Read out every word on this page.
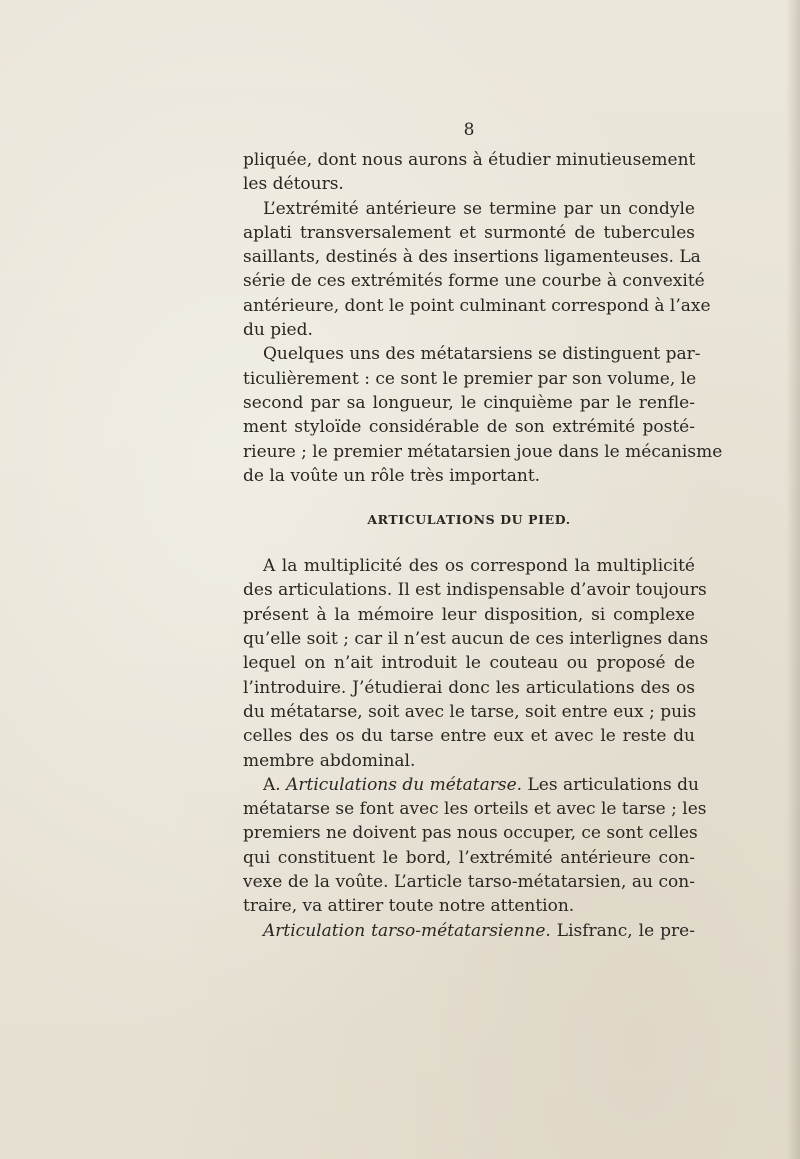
8
pliquée, dont nous aurons à étudier minutieusement
les détours.
L’extrémité antérieure se termine par un condyle
aplati transversalement et surmonté de tubercules
saillants, destinés à des insertions ligamenteuses. La
série de ces extrémités forme une courbe à convexité
antérieure, dont le point culminant correspond à l’axe
du pied.
Quelques uns des métatarsiens se distinguent par-
ticulièrement : ce sont le premier par son volume, le
second par sa longueur, le cinquième par le renfle-
ment styloïde considérable de son extrémité posté-
rieure ; le premier métatarsien joue dans le mécanisme
de la voûte un rôle très important.
ARTICULATIONS DU PIED.
A la multiplicité des os correspond la multiplicité
des articulations. Il est indispensable d’avoir toujours
présent à la mémoire leur disposition, si complexe
qu’elle soit ; car il n’est aucun de ces interlignes dans
lequel on n’ait introduit le couteau ou proposé de
l’introduire. J’étudierai donc les articulations des os
du métatarse, soit avec le tarse, soit entre eux ; puis
celles des os du tarse entre eux et avec le reste du
membre abdominal.
A. Articulations du métatarse. Les articulations du
métatarse se font avec les orteils et avec le tarse ; les
premiers ne doivent pas nous occuper, ce sont celles
qui constituent le bord, l’extrémité antérieure con-
vexe de la voûte. L’article tarso-métatarsien, au con-
traire, va attirer toute notre attention.
Articulation tarso-métatarsienne. Lisfranc, le pre-
